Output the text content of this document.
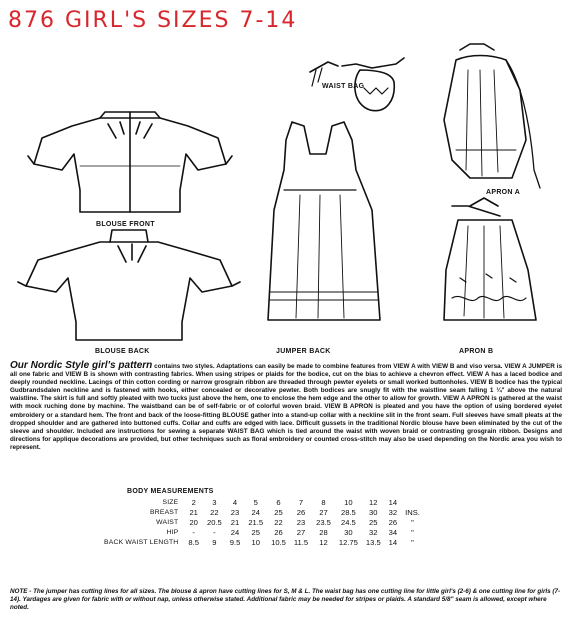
876 GIRL'S SIZES 7-14
WAIST BAG
BLOUSE FRONT
APRON A
BLOUSE BACK	JUMPER BACK	APRON B
Our Nordic Style girl's pattern contains two styles. Adaptations can easily be made to combine features from VIEW A with VIEW B and viso versa. VIEW A JUMPER is all one fabric and VIEW B is shown with contrasting fabrics. When using stripes or plaids for the bodice, cut on the bias to achieve a chevron effect. VIEW A has a laced bodice and deeply rounded neckline. Lacings of thin cotton cording or narrow grosgrain ribbon are threaded through pewter eyelets or small worked buttonholes. VIEW B bodice has the typical Gudbrandsdalen neckline and is fastened with hooks, either concealed or decorative pewter. Both bodices are snugly fit with the waistline seam falling 1 ¼" above the natural waistline. The skirt is full and softly pleated with two tucks just above the hem, one to enclose the hem edge and the other to allow for growth. VIEW A APRON is gathered at the waist with mock ruching done by machine. The waistband can be of self-fabric or of colorful woven braid. VIEW B APRON is pleated and you have the option of using bordered eyelet embroidery or a standard hem. The front and back of the loose-fitting BLOUSE gather into a stand-up collar with a neckline slit in the front seam. Full sleeves have small pleats at the dropped shoulder and are gathered into buttoned cuffs. Collar and cuffs are edged with lace. Difficult gussets in the traditional Nordic blouse have been eliminated by the cut of the sleeve and shoulder. Included are instructions for sewing a separate WAIST BAG which is tied around the waist with woven braid or contrasting grosgrain ribbon. Designs and directions for applique decorations are provided, but other techniques such as floral embroidery or counted cross-stitch may also be used depending on the Nordic area you wish to represent.
BODY MEASUREMENTS
SIZE	2	3	4	5	6	7	8	10	12	14	
BREAST	21	22	23	24	25	26	27	28.5	30	32	INS.
WAIST	20	20.5	21	21.5	22	23	23.5	24.5	25	26	"
HIP	-	-	24	25	26	27	28	30	32	34	"
BACK WAIST LENGTH	8.5	9	9.5	10	10.5	11.5	12	12.75	13.5	14	"
NOTE - The jumper has cutting lines for all sizes. The blouse & apron have cutting lines for S, M & L. The waist bag has one cutting line for little girl's (2-6) & one cutting line for girls (7-14). Yardages are given for fabric with or without nap, unless otherwise stated. Additional fabric may be needed for stripes or plaids. A standard 5/8" seam is allowed, except where noted.
